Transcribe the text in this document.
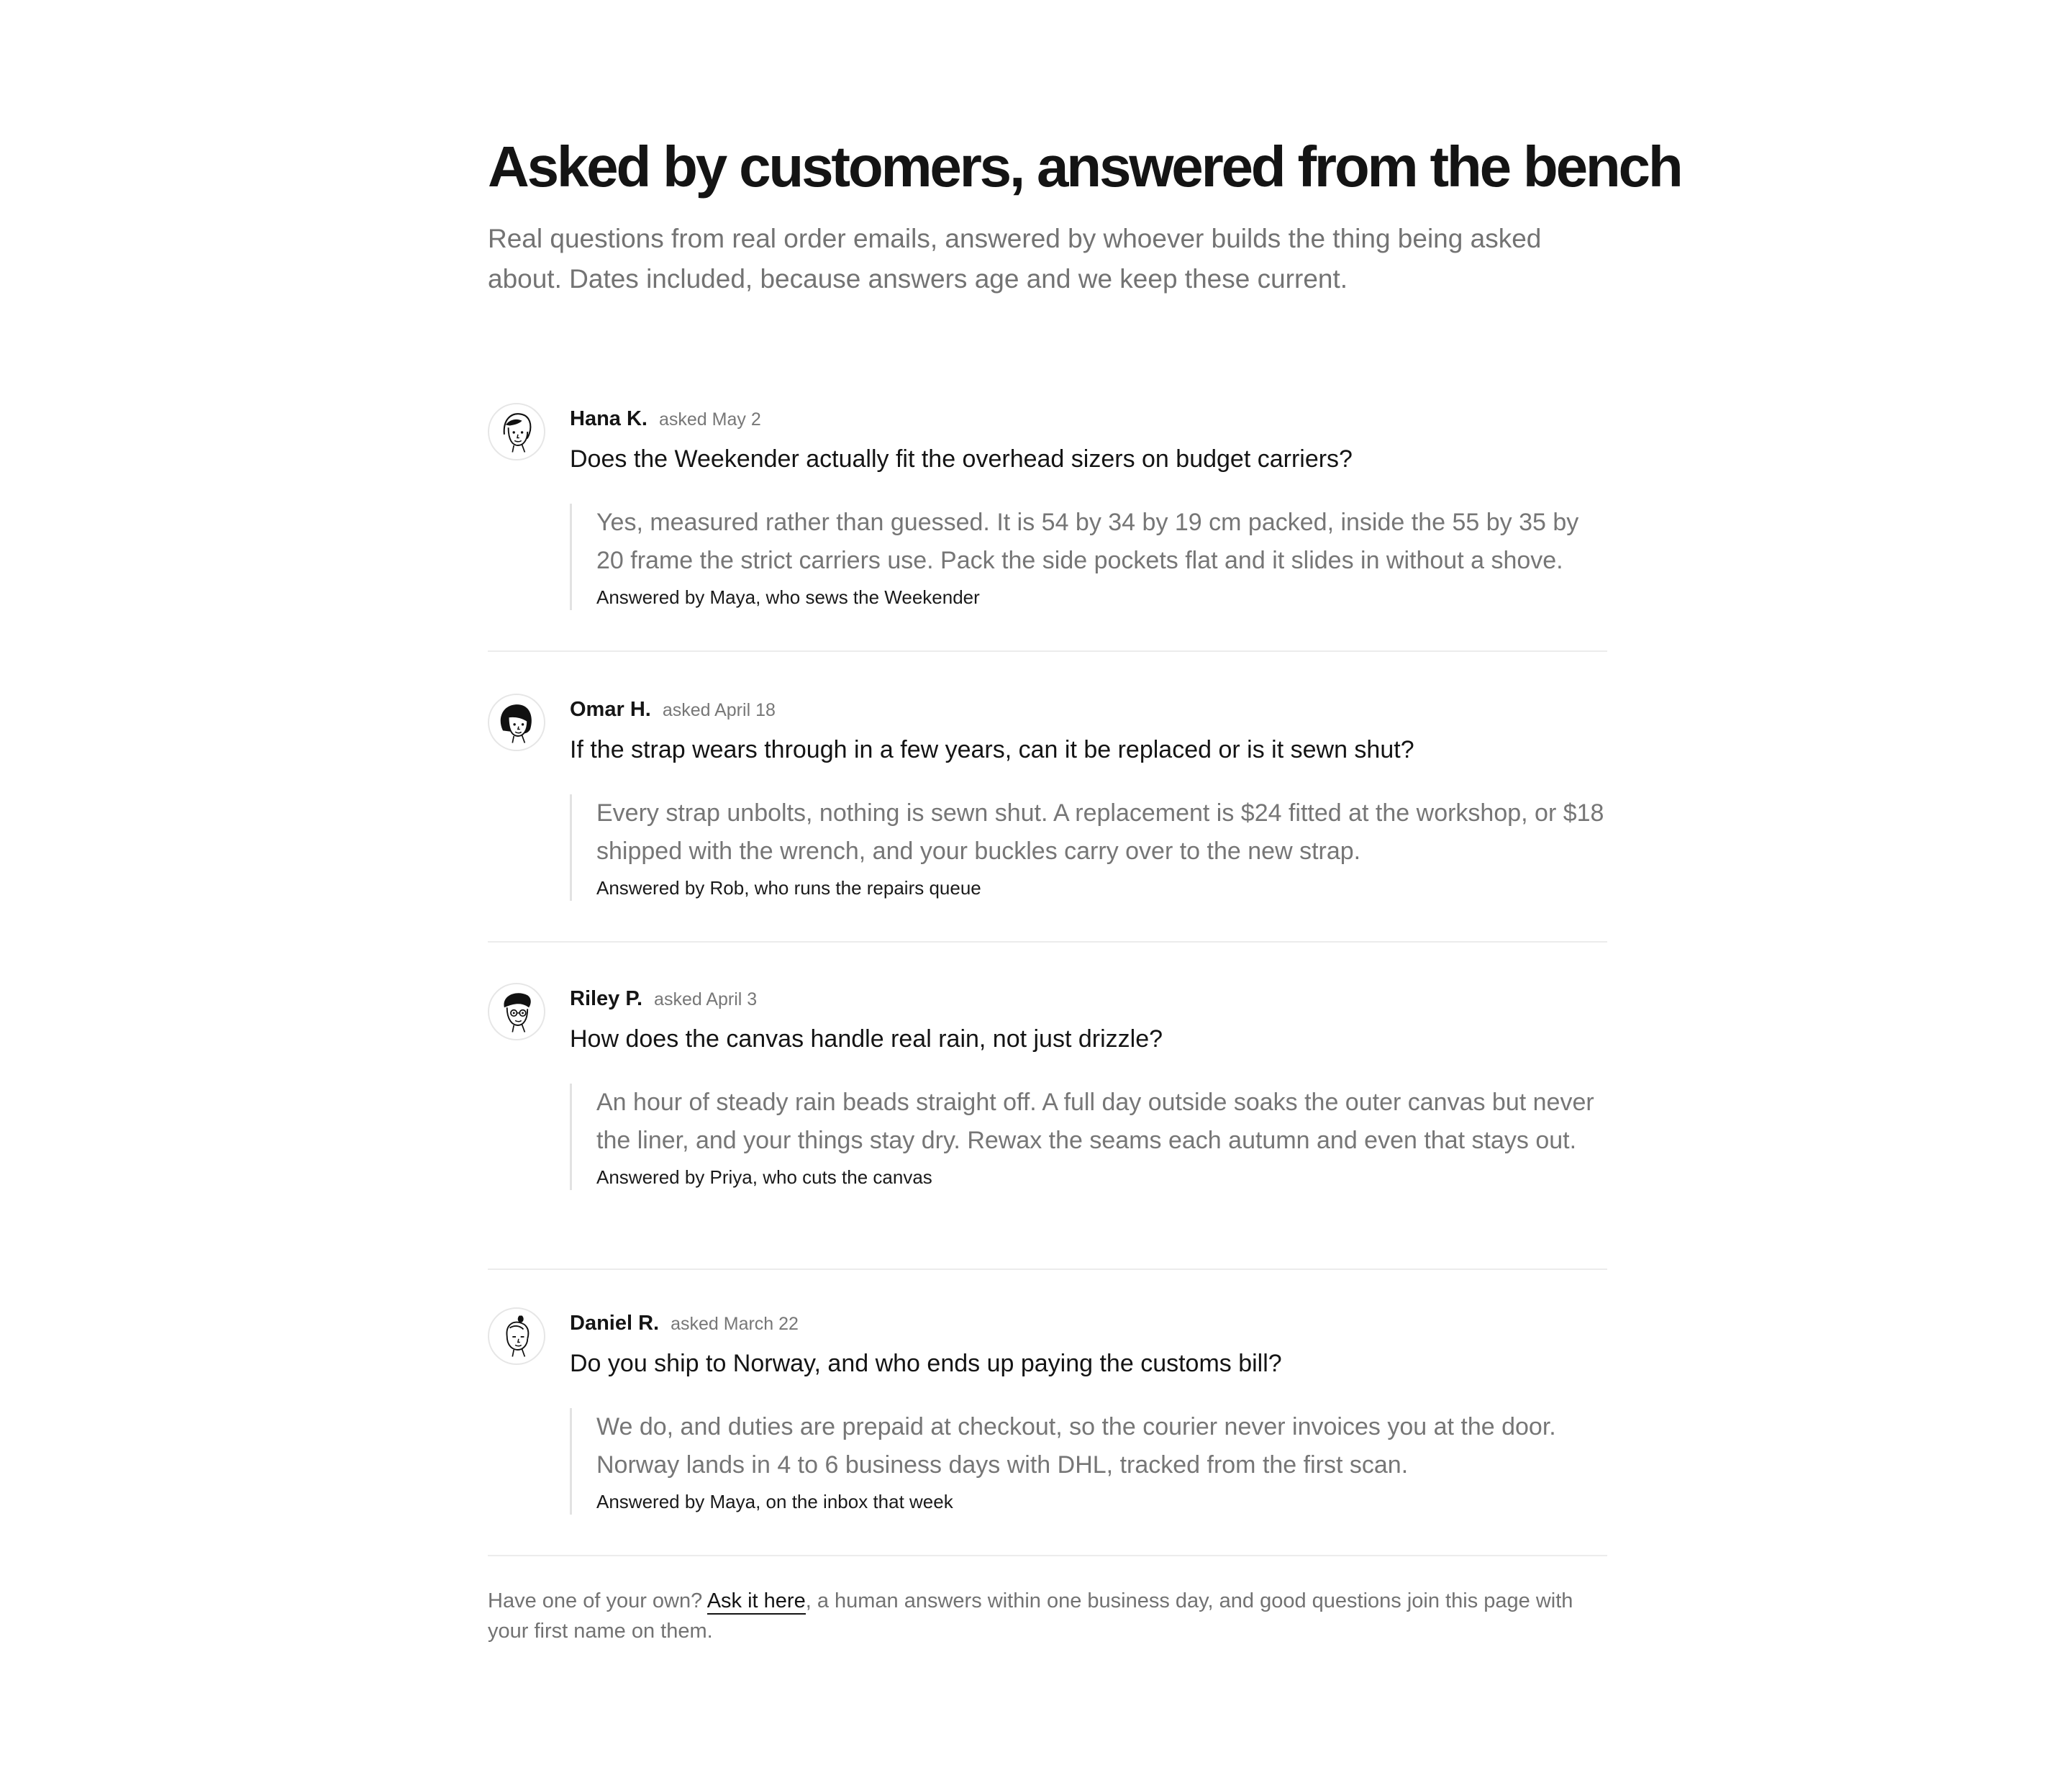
Asked by customers, answered from the bench

Real questions from real order emails, answered by whoever builds the thing being asked about. Dates included, because answers age and we keep these current.

Hana K. asked May 2
Does the Weekender actually fit the overhead sizers on budget carriers?

Yes, measured rather than guessed. It is 54 by 34 by 19 cm packed, inside the 55 by 35 by 20 frame the strict carriers use. Pack the side pockets flat and it slides in without a shove.

Answered by Maya, who sews the Weekender

Omar H. asked April 18
If the strap wears through in a few years, can it be replaced or is it sewn shut?

Every strap unbolts, nothing is sewn shut. A replacement is $24 fitted at the workshop, or $18 shipped with the wrench, and your buckles carry over to the new strap.

Answered by Rob, who runs the repairs queue

Riley P. asked April 3
How does the canvas handle real rain, not just drizzle?

An hour of steady rain beads straight off. A full day outside soaks the outer canvas but never the liner, and your things stay dry. Rewax the seams each autumn and even that stays out.

Answered by Priya, who cuts the canvas

Daniel R. asked March 22
Do you ship to Norway, and who ends up paying the customs bill?

We do, and duties are prepaid at checkout, so the courier never invoices you at the door. Norway lands in 4 to 6 business days with DHL, tracked from the first scan.

Answered by Maya, on the inbox that week

Have one of your own? Ask it here, a human answers within one business day, and good questions join this page with your first name on them.
